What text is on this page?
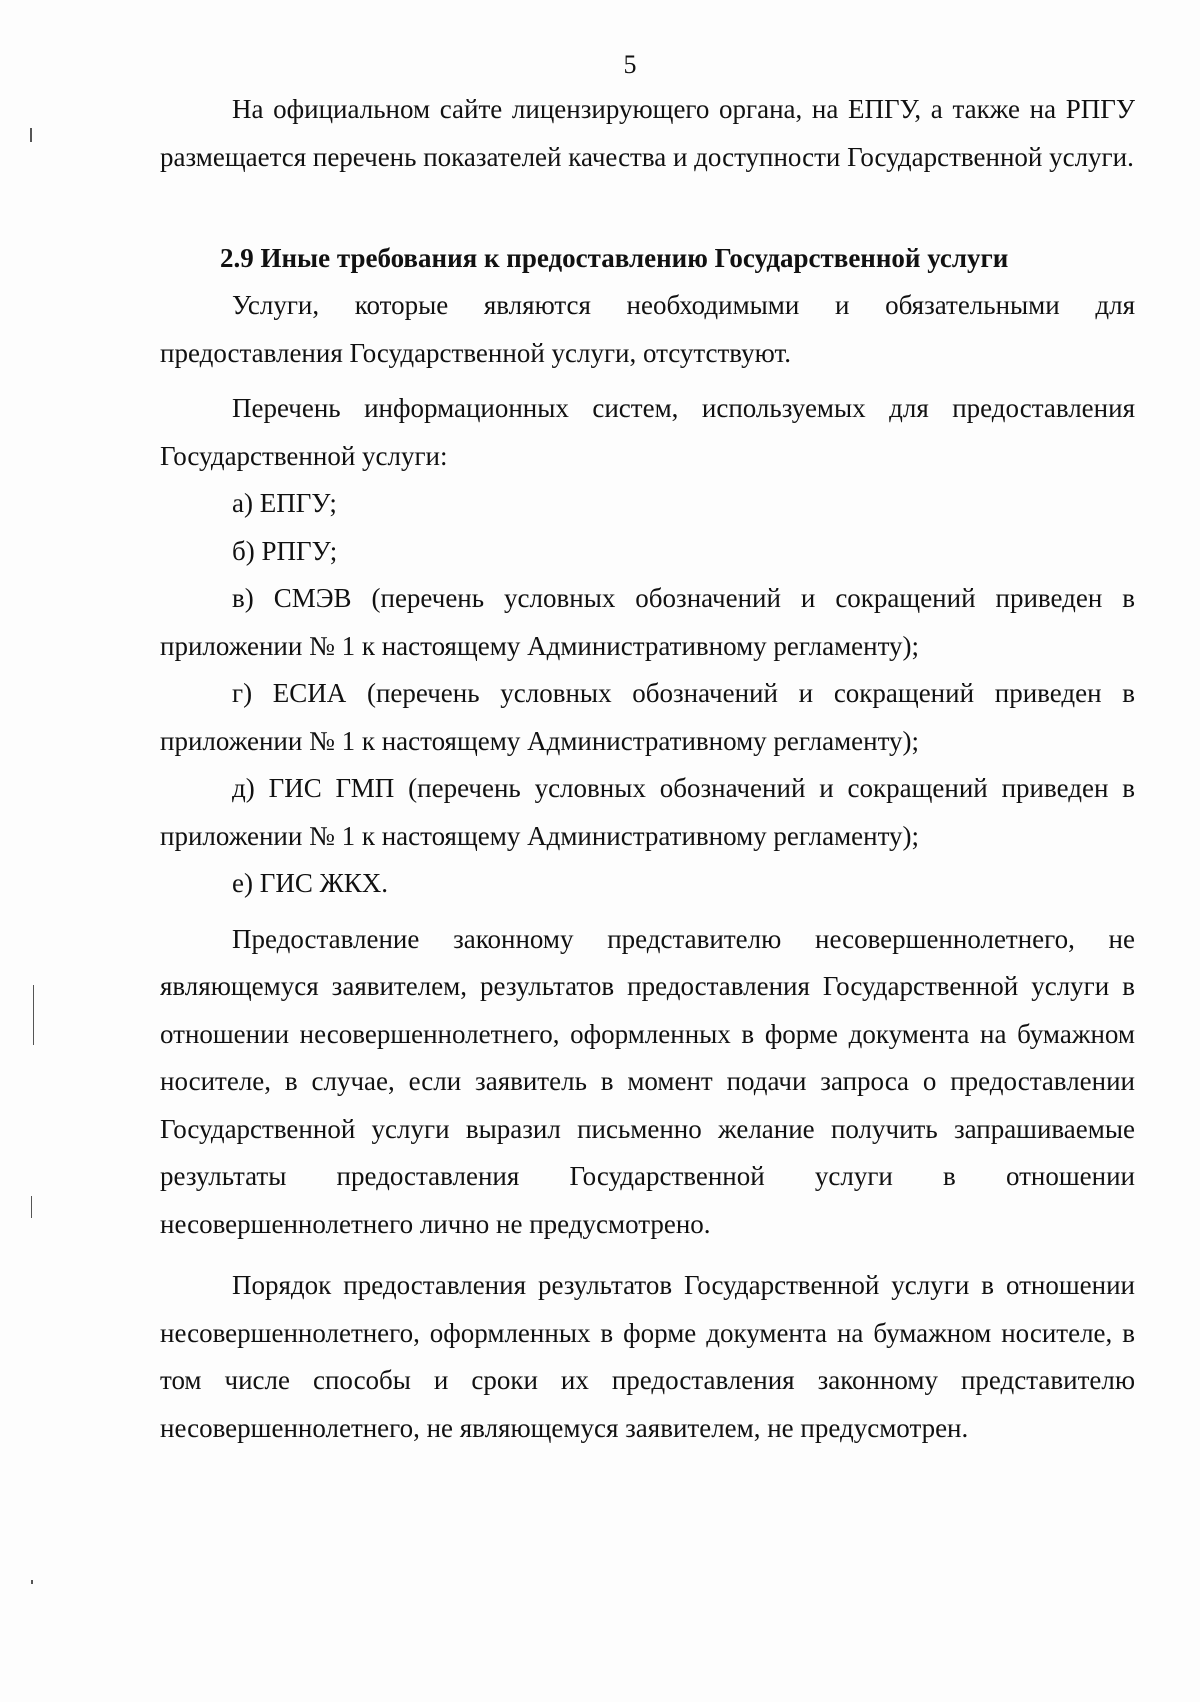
5

На официальном сайте лицензирующего органа, на ЕПГУ, а также на РПГУ размещается перечень показателей качества и доступности Государственной услуги.

2.9 Иные требования к предоставлению Государственной услуги

Услуги, которые являются необходимыми и обязательными для предоставления Государственной услуги, отсутствуют.

Перечень информационных систем, используемых для предоставления Государственной услуги:

а) ЕПГУ;

б) РПГУ;

в) СМЭВ (перечень условных обозначений и сокращений приведен в приложении № 1 к настоящему Административному регламенту);

г) ЕСИА (перечень условных обозначений и сокращений приведен в приложении № 1 к настоящему Административному регламенту);

д) ГИС ГМП (перечень условных обозначений и сокращений приведен в приложении № 1 к настоящему Административному регламенту);

е) ГИС ЖКХ.

Предоставление законному представителю несовершеннолетнего, не являющемуся заявителем, результатов предоставления Государственной услуги в отношении несовершеннолетнего, оформленных в форме документа на бумажном носителе, в случае, если заявитель в момент подачи запроса о предоставлении Государственной услуги выразил письменно желание получить запрашиваемые результаты предоставления Государственной услуги в отношении несовершеннолетнего лично не предусмотрено.

Порядок предоставления результатов Государственной услуги в отношении несовершеннолетнего, оформленных в форме документа на бумажном носителе, в том числе способы и сроки их предоставления законному представителю несовершеннолетнего, не являющемуся заявителем, не предусмотрен.
